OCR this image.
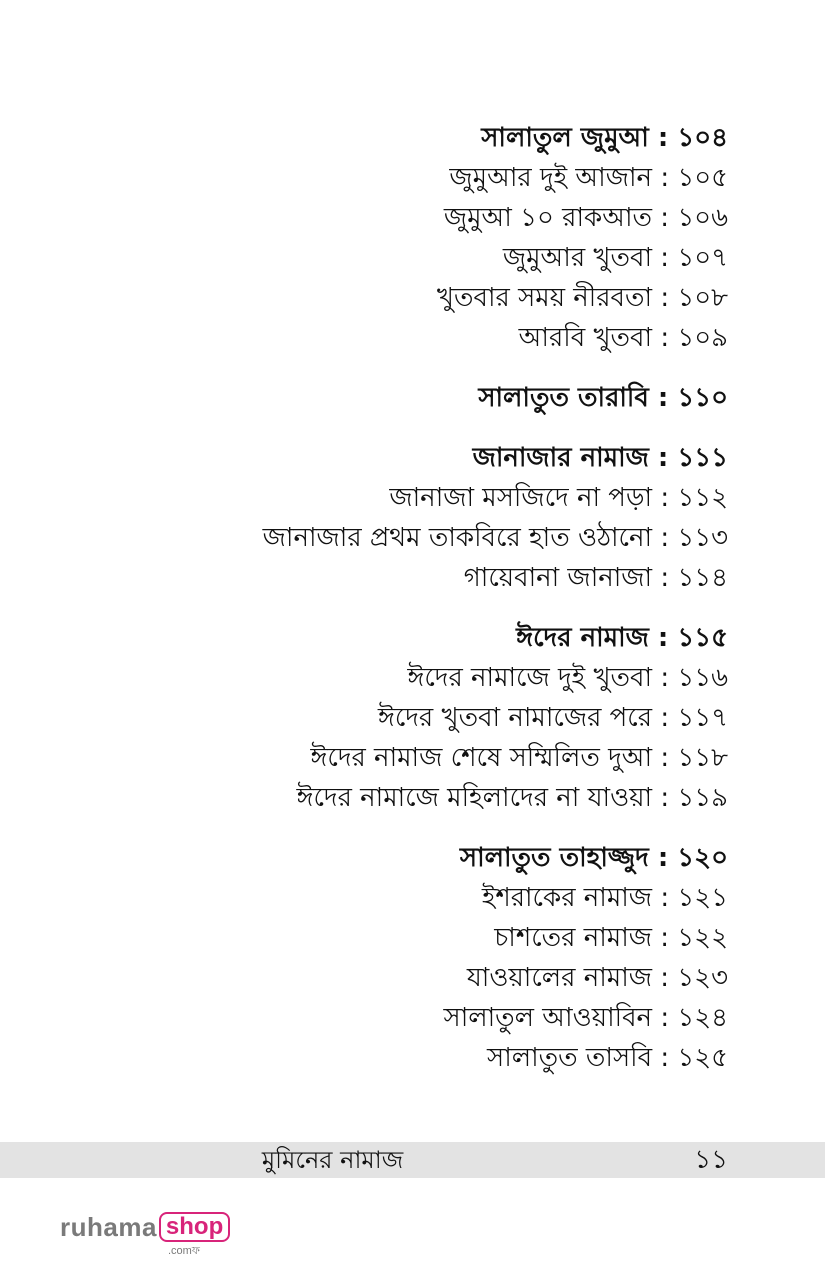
সালাতুল জুমুআ : ১০৪
জুমুআর দুই আজান : ১০৫
জুমুআ ১০ রাকআত : ১০৬
জুমুআর খুতবা : ১০৭
খুতবার সময় নীরবতা : ১০৮
আরবি খুতবা : ১০৯
সালাতুত তারাবি : ১১০
জানাজার নামাজ : ১১১
জানাজা মসজিদে না পড়া : ১১২
জানাজার প্রথম তাকবিরে হাত ওঠানো : ১১৩
গায়েবানা জানাজা : ১১৪
ঈদের নামাজ : ১১৫
ঈদের নামাজে দুই খুতবা : ১১৬
ঈদের খুতবা নামাজের পরে : ১১৭
ঈদের নামাজ শেষে সম্মিলিত দুআ : ১১৮
ঈদের নামাজে মহিলাদের না যাওয়া : ১১৯
সালাতুত তাহাজ্জুদ : ১২০
ইশরাকের নামাজ : ১২১
চাশতের নামাজ : ১২২
যাওয়ালের নামাজ : ১২৩
সালাতুল আওয়াবিন : ১২৪
সালাতুত তাসবি : ১২৫
মুমিনের নামাজ	১১
ruhama shop
.comফ
